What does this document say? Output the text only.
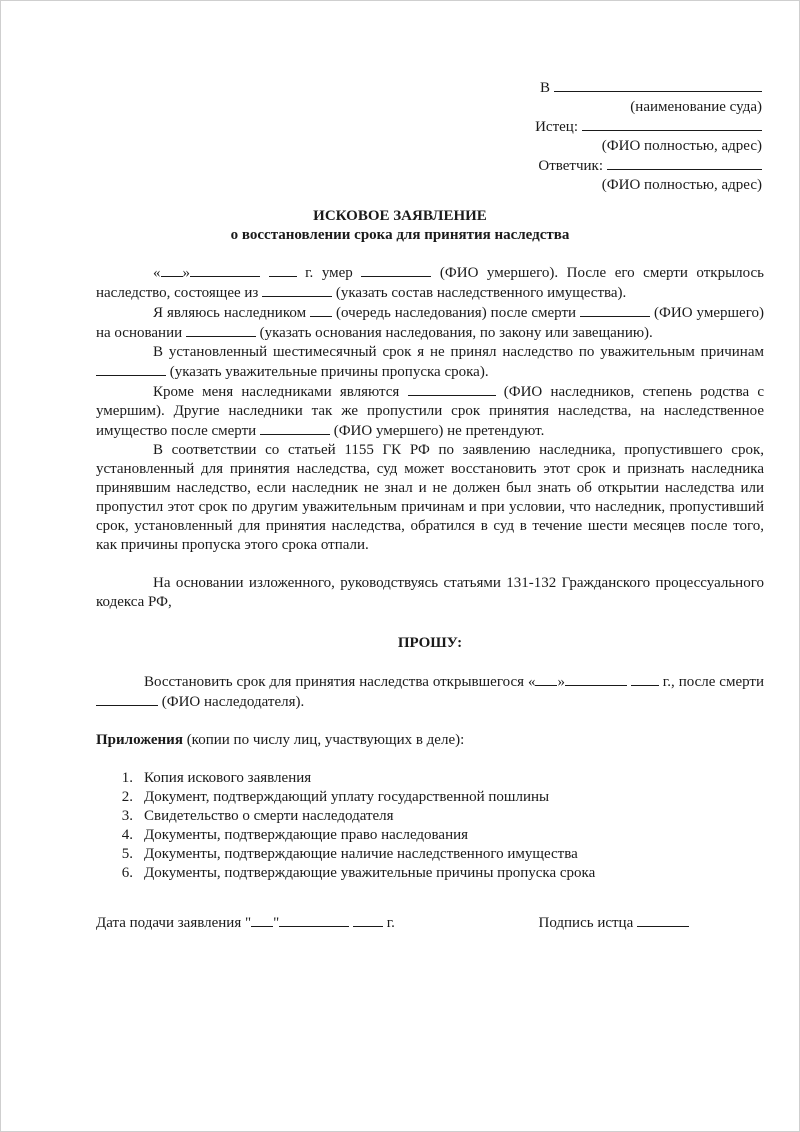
В
(наименование суда)
Истец:
(ФИО полностью, адрес)
Ответчик:
(ФИО полностью, адрес)
ИСКОВОЕ ЗАЯВЛЕНИЕ
о восстановлении срока для принятия наследства

« »	г. умер	(ФИО умершего). После его смерти открылось наследство, состоящее из	(указать состав наследственного имущества).

Я являюсь наследником  (очередь наследования) после смерти	(ФИО умершего) на основании	(указать основания наследования, по закону или завещанию).

В установленный шестимесячный срок я не принял наследство по уважительным причинам  (указать уважительные причины пропуска срока).

Кроме меня наследниками являются	(ФИО наследников, степень родства с умершим). Другие наследники так же пропустили срок принятия наследства, на наследственное имущество после смерти	(ФИО умершего) не претендуют.

В соответствии со статьей 1155 ГК РФ по заявлению наследника, пропустившего срок, установленный для принятия наследства, суд может восстановить этот срок и признать наследника принявшим наследство, если наследник не знал и не должен был знать об открытии наследства или пропустил этот срок по другим уважительным причинам и при условии, что наследник, пропустивший срок, установленный для принятия наследства, обратился в суд в течение шести месяцев после того, как причины пропуска этого срока отпали.

На основании изложенного, руководствуясь статьями 131-132 Гражданского процессуального кодекса РФ,

ПРОШУ:

Восстановить срок для принятия наследства открывшегося « »	г., после смерти  (ФИО наследодателя).

Приложения (копии по числу лиц, участвующих в деле):

1. Копия искового заявления
2. Документ, подтверждающий уплату государственной пошлины
3. Свидетельство о смерти наследодателя
4. Документы, подтверждающие право наследования
5. Документы, подтверждающие наличие наследственного имущества
6. Документы, подтверждающие уважительные причины пропуска срока
Дата подачи заявления " "	г.	Подпись истца
